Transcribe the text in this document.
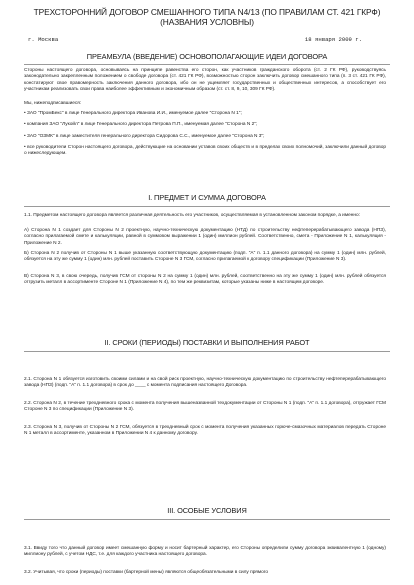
ТРЕХСТОРОННИЙ ДОГОВОР СМЕШАННОГО ТИПА N4/13 (ПО ПРАВИЛАМ СТ. 421 ГКРФ) (НАЗВАНИЯ УСЛОВНЫ)
г. Москва	18 января 2009 г.
ПРЕАМБУЛА (ВВЕДЕНИЕ) ОСНОВОПОЛАГАЮЩИЕ ИДЕИ ДОГОВОРА

Стороны настоящего договора, основываясь на принципе равенства его сторон, как участников гражданского оборота (ст. 2 ГК РФ), руководствуясь законодательно закрепленным положением о свободе договора (ст. 421 ГК РФ), возможностью сторон заключить договор смешанного типа (п. 3 ст. 421 ГК РФ), констатируют свое правомерность заключения данного договора, ибо он не ущемляет государственных и общественных интересов, а способствует его участникам реализовать свои права наиболее эффективным и экономичным образом (ст. ст. 8, 9, 10, 309 ГК РФ).

Мы, нижеподписавшиеся:

• ЗАО "ПромБекс" в лице Генерального директора Иванова И.И., именуемое далее "Сторона N 1";

• компания ЗАО "Лукойл" в лице Генерального директора Петрова П.П., именуемая далее "Сторона N 2";

• ЗАО "ОЗМК" в лице заместителя генерального директора Сидорова С.С., именуемое далее "Сторона N 3";

• все руководители Сторон настоящего договора, действующие на основании уставов своих обществ и в пределах своих полномочий, заключили данный договор о нижеследующем.

I. ПРЕДМЕТ И СУММА ДОГОВОРА

1.1. Предметом настоящего договора является различная деятельность его участников, осуществляемая в установленном законом порядке, а именно:

А) Сторона N 1 создает для Стороны N 2 проектную, научно-техническую документацию (НТД) по строительству нефтеперерабатывающего завода (НПЗ), согласно прилагаемой смете и калькуляции, равной в суммовом выражении 1 (один) миллион рублей. Соответственно, смета - Приложение N 1, калькуляция - Приложение N 2.

Б) Сторона N 2 получив от Стороны N 1 выше указанную соответствующую документацию (подп. "А" п. 1.1 данного договора) на сумму 1 (один) млн. рублей, обязуется на эту же сумму 1 (один) млн. рублей поставить Стороне N 3 ГСМ, согласно прилагаемой к договору спецификации (Приложение N 3).

В) Сторона N 3, в свою очередь, получив ГСМ от стороны N 2 на сумму 1 (один) млн. рублей, соответственно на эту же сумму 1 (один) млн. рублей обязуется отгрузить металл в ассортименте Стороне N 1 (Приложение N 4), по тем же реквизитам, которые указаны ниже в настоящем договоре.

II. СРОКИ (ПЕРИОДЫ) ПОСТАВКИ И ВЫПОЛНЕНИЯ РАБОТ

2.1. Сторона N 1 обязуется изготовить своими силами и на свой риск проектную, научно-техническую документацию по строительству нефтеперерабатывающего завода (НПЗ) (подп. "А" п. 1.1 договора) в срок до ____ с момента подписания настоящего Договора.

2.2. Сторона N 2, в течение трехдневного срока с момента получения вышеназванной техдокументации от Стороны N 1 (подп. "А" п. 1.1 договора), отгружает ГСМ Стороне N 3 по спецификации (Приложение N 3).

2.3. Сторона N 3, получив от Стороны N 2 ГСМ, обязуется в трехдневный срок с момента получения указанных горюче-смазочных материалов передать Стороне N 1 металл в ассортименте, указанном в Приложении N 4 к данному договору.

III. ОСОБЫЕ УСЛОВИЯ

3.1. Ввиду того что данный договор имеет смешанную форму и носит бартерный характер, его Стороны определили сумму договора эквивалентную 1 (одному) миллиону рублей, с учетом НДС, т.е. для каждого участника настоящего договора.

3.2. Учитывая, что сроки (периоды) поставки (бартерной мены) являются общеобязательными в силу прямого
